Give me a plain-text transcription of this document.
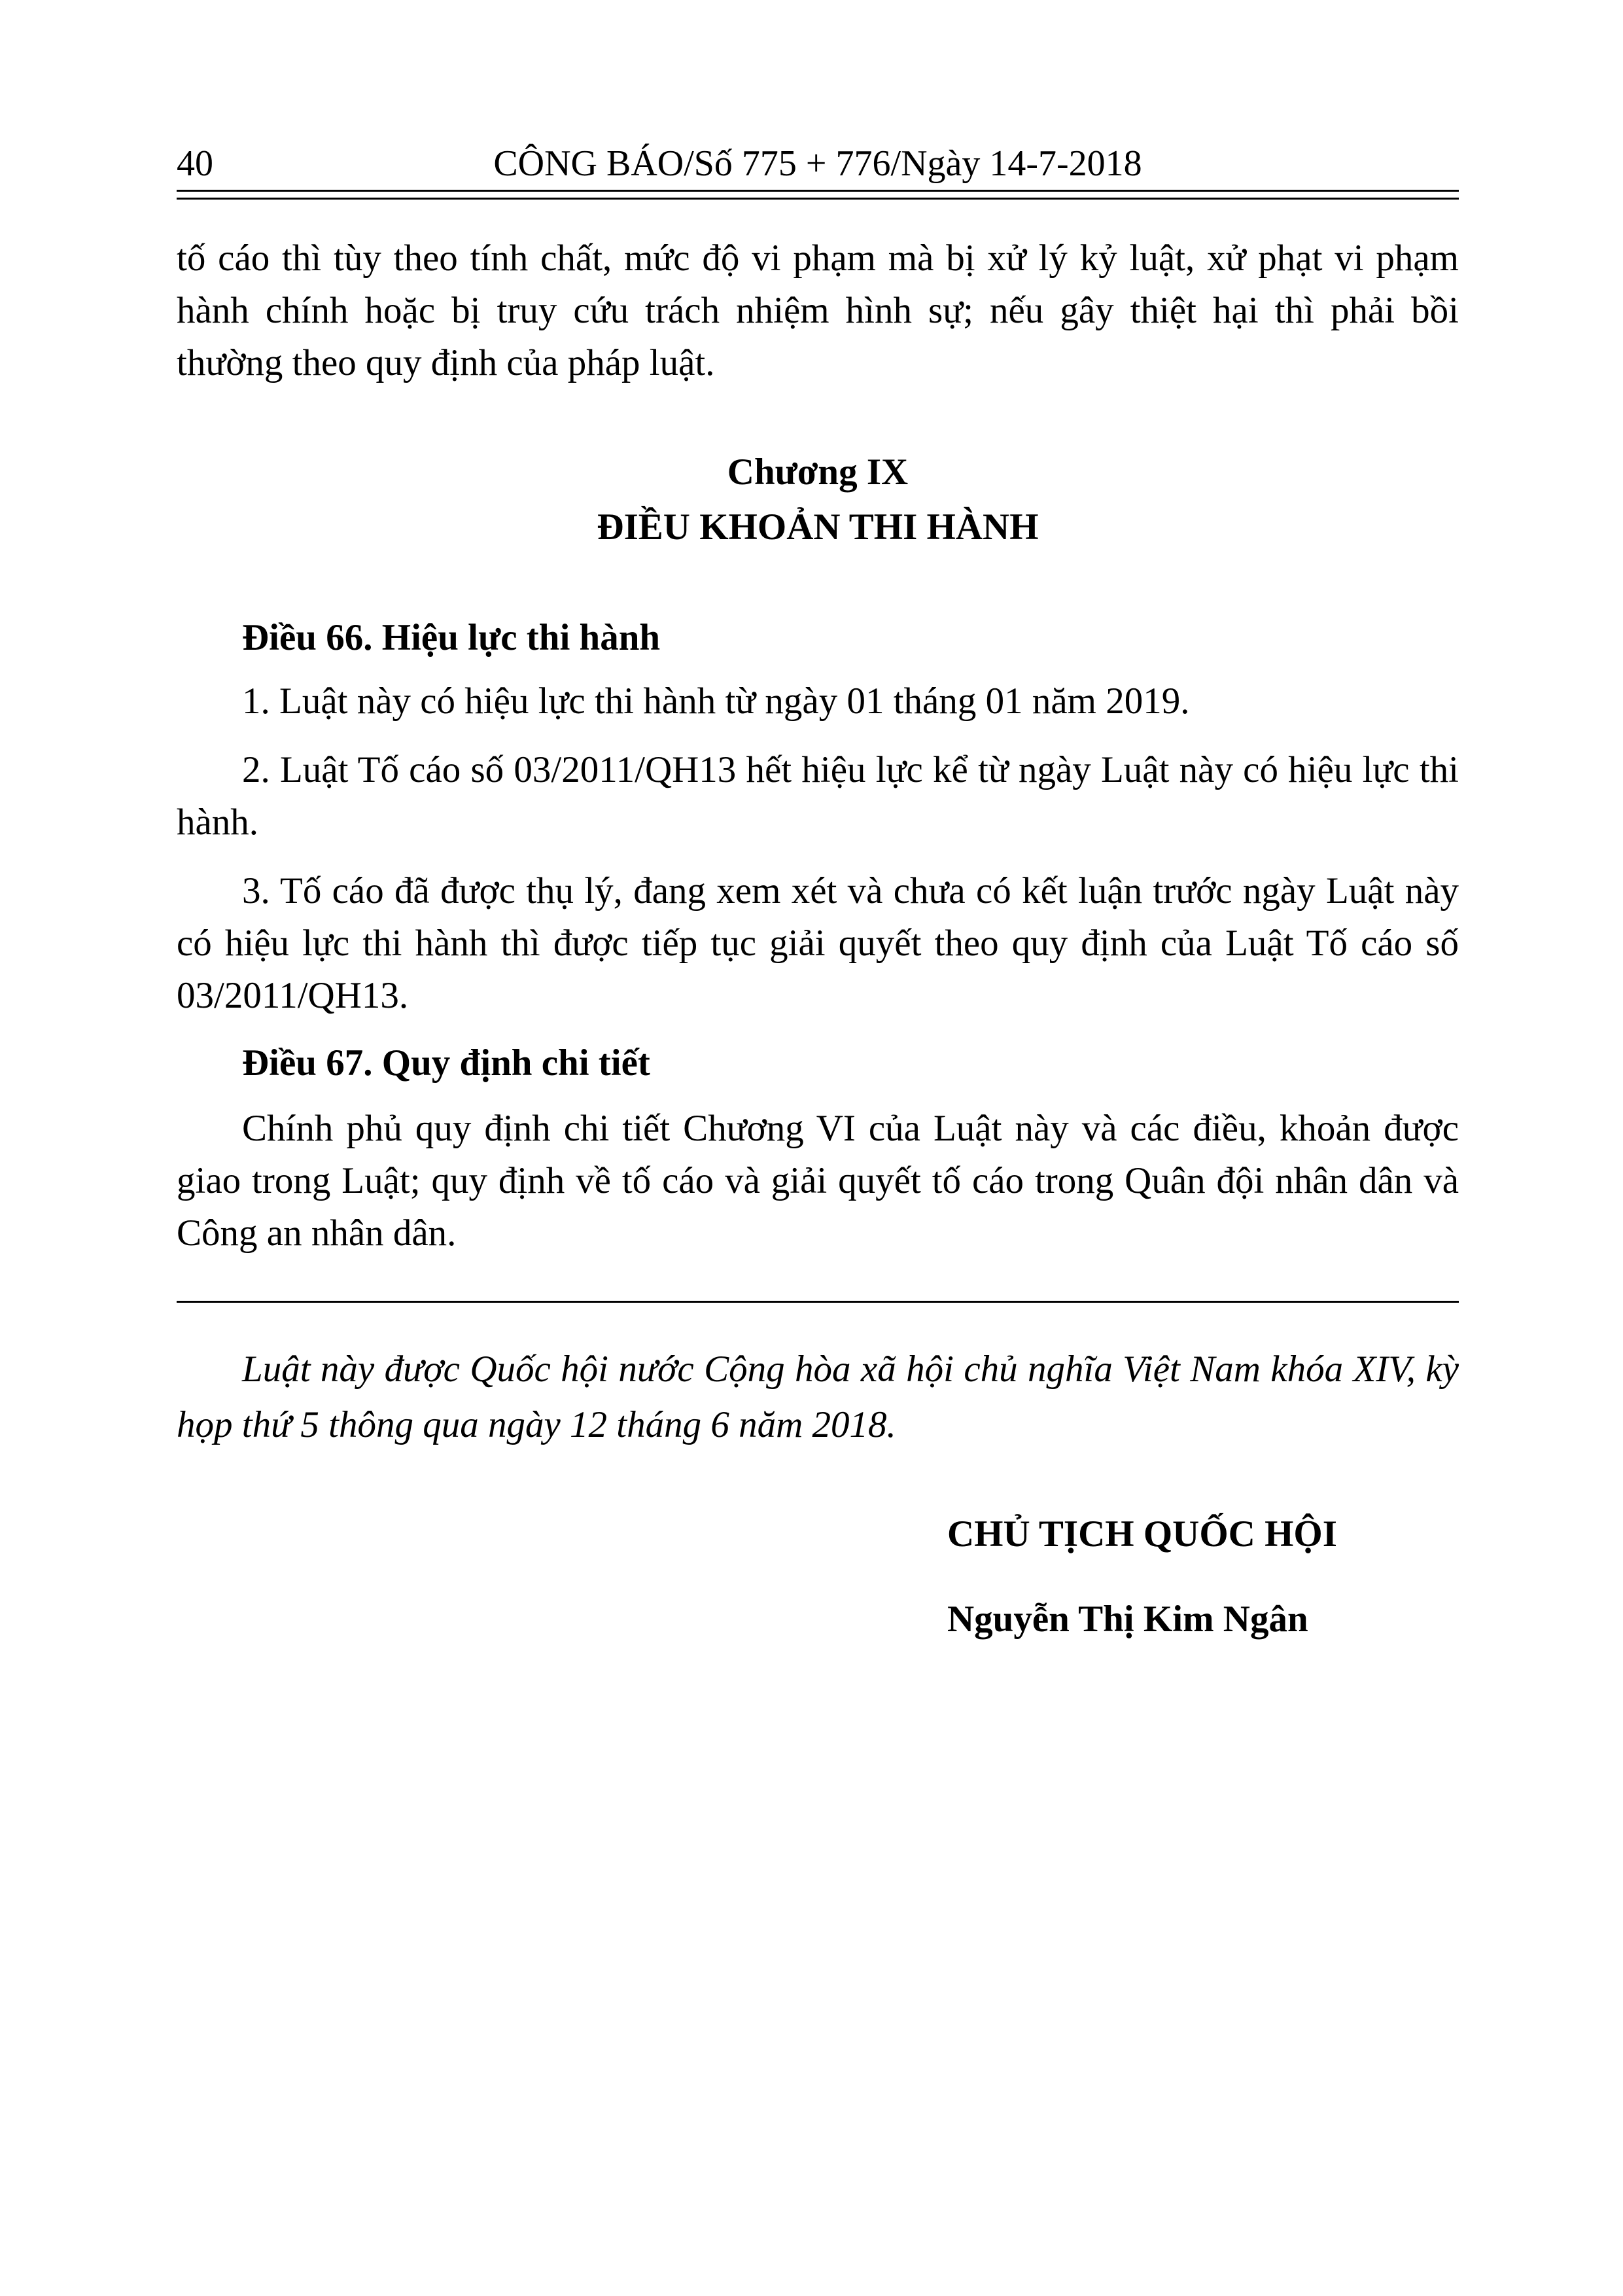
40	CÔNG BÁO/Số 775 + 776/Ngày 14-7-2018

tố cáo thì tùy theo tính chất, mức độ vi phạm mà bị xử lý kỷ luật, xử phạt vi phạm hành chính hoặc bị truy cứu trách nhiệm hình sự; nếu gây thiệt hại thì phải bồi thường theo quy định của pháp luật.

Chương IX
ĐIỀU KHOẢN THI HÀNH
Điều 66. Hiệu lực thi hành

1. Luật này có hiệu lực thi hành từ ngày 01 tháng 01 năm 2019.

2. Luật Tố cáo số 03/2011/QH13 hết hiệu lực kể từ ngày Luật này có hiệu lực thi hành.

3. Tố cáo đã được thụ lý, đang xem xét và chưa có kết luận trước ngày Luật này có hiệu lực thi hành thì được tiếp tục giải quyết theo quy định của Luật Tố cáo số 03/2011/QH13.

Điều 67. Quy định chi tiết

Chính phủ quy định chi tiết Chương VI của Luật này và các điều, khoản được giao trong Luật; quy định về tố cáo và giải quyết tố cáo trong Quân đội nhân dân và Công an nhân dân.

Luật này được Quốc hội nước Cộng hòa xã hội chủ nghĩa Việt Nam khóa XIV, kỳ họp thứ 5 thông qua ngày 12 tháng 6 năm 2018.

CHỦ TỊCH QUỐC HỘI
Nguyễn Thị Kim Ngân
